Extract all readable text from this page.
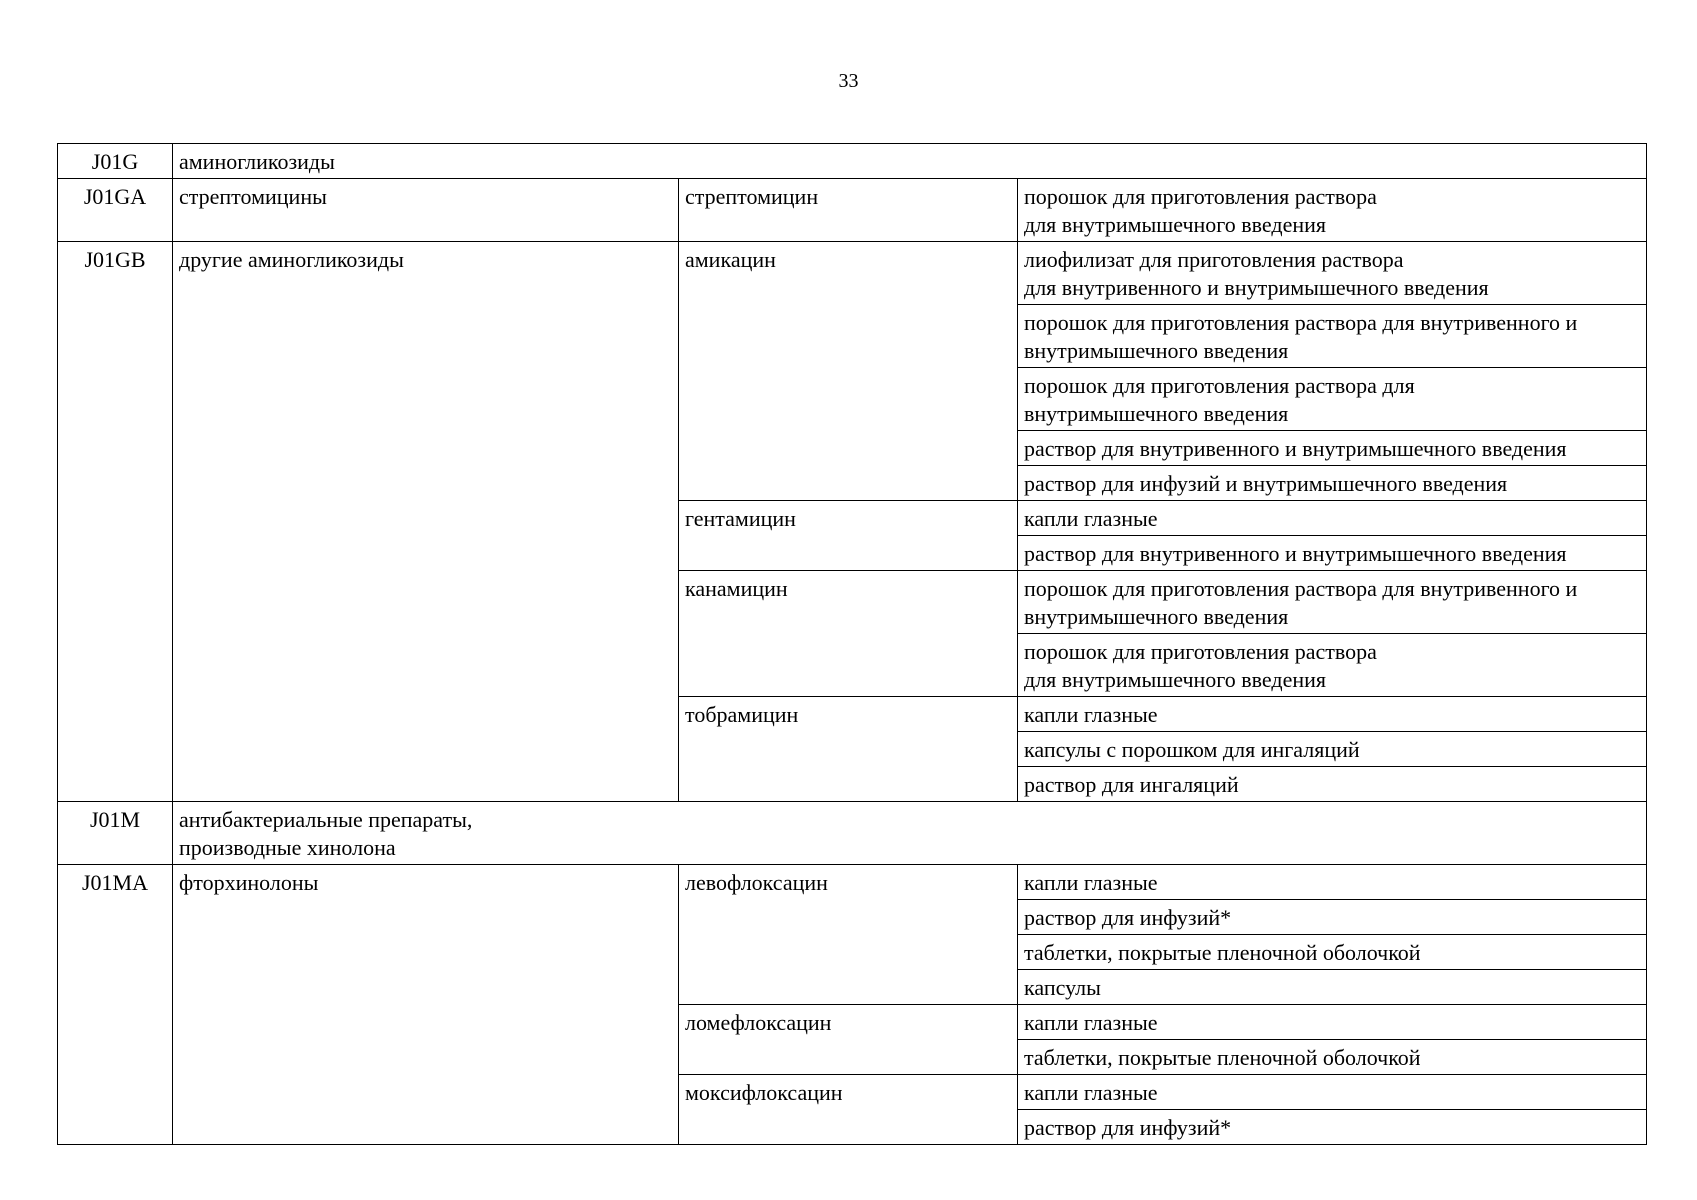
33
J01G	аминогликозиды		

J01GA	стрептомицины	стрептомицин	порошок для приготовления раствора
для внутримышечного введения

J01GB	другие аминогликозиды	амикацин	лиофилизат для приготовления раствора
для внутривенного и внутримышечного введения

			порошок для приготовления раствора для внутривенного и
внутримышечного введения

			порошок для приготовления раствора для
внутримышечного введения

			раствор для внутривенного и внутримышечного введения

			раствор для инфузий и внутримышечного введения

		гентамицин	капли глазные

			раствор для внутривенного и внутримышечного введения

		канамицин	порошок для приготовления раствора для внутривенного и
внутримышечного введения

			порошок для приготовления раствора
для внутримышечного введения

		тобрамицин	капли глазные

			капсулы с порошком для ингаляций

			раствор для ингаляций

J01M	антибактериальные препараты,
производные хинолона		

J01MA	фторхинолоны	левофлоксацин	капли глазные

			раствор для инфузий*

			таблетки, покрытые пленочной оболочкой

			капсулы

		ломефлоксацин	капли глазные

			таблетки, покрытые пленочной оболочкой

		моксифлоксацин	капли глазные

			раствор для инфузий*
